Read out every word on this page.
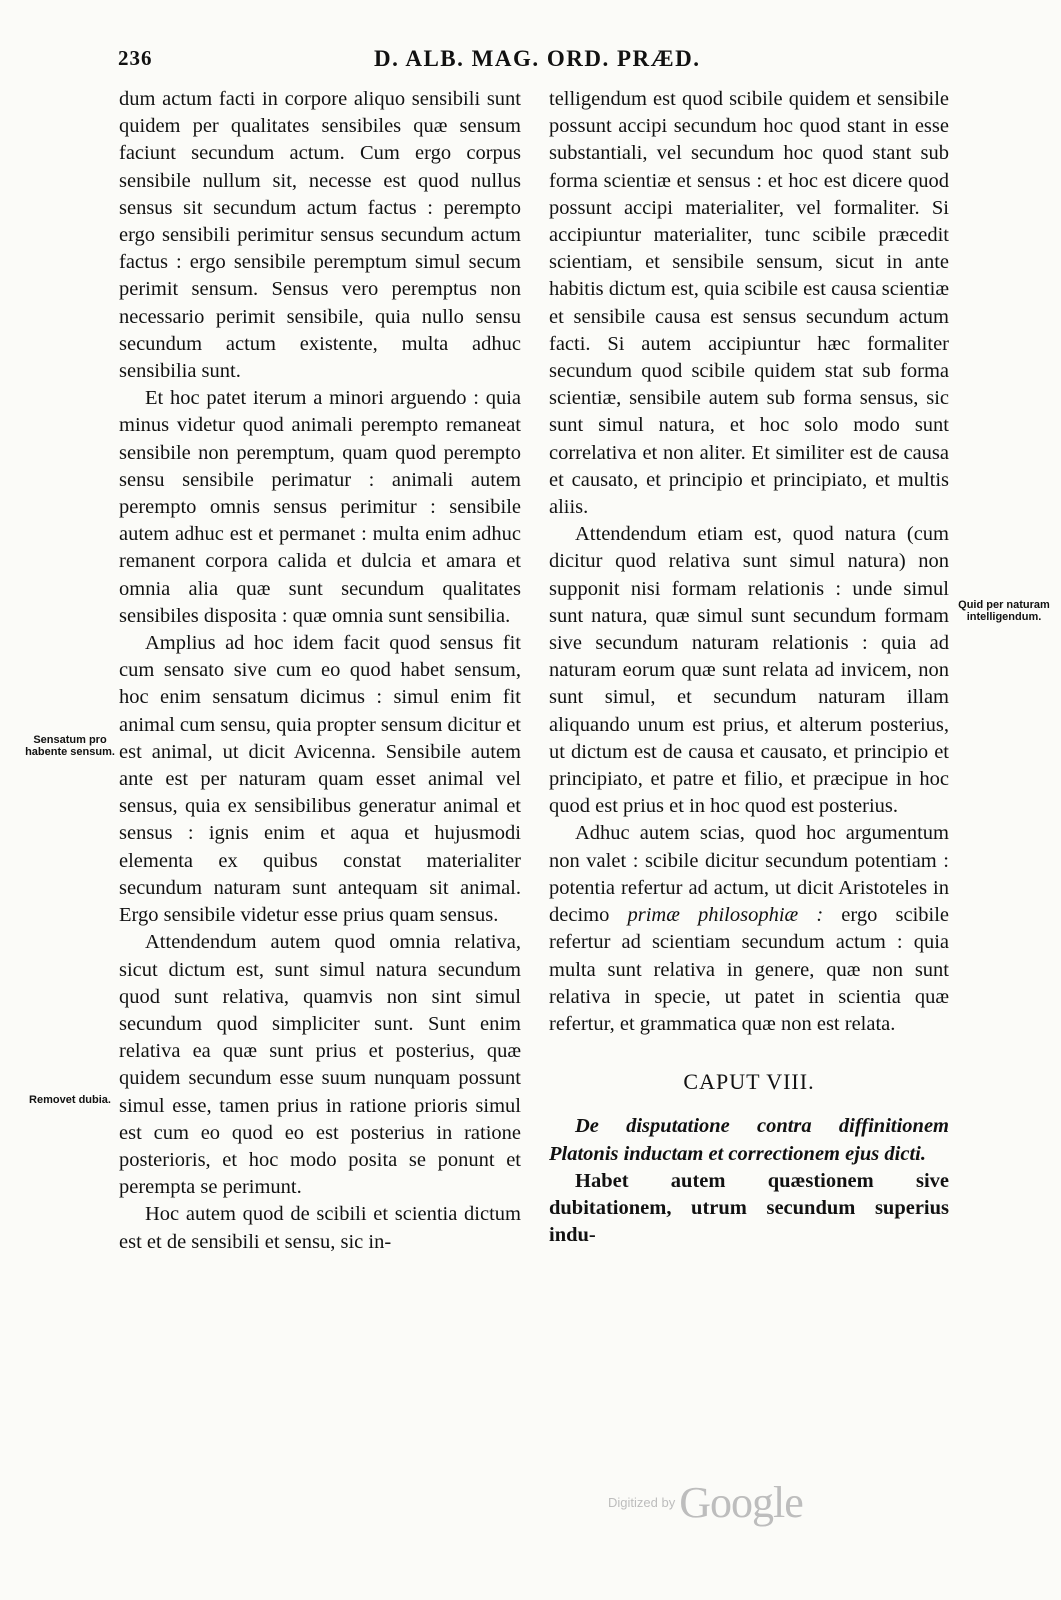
236	D. ALB. MAG. ORD. PRÆD.

dum actum facti in corpore aliquo sensibili sunt quidem per qualitates sensibiles quæ sensum faciunt secundum actum. Cum ergo corpus sensibile nullum sit, necesse est quod nullus sensus sit secundum actum factus : perempto ergo sensibili perimitur sensus secundum actum factus : ergo sensibile peremptum simul secum perimit sensum. Sensus vero peremptus non necessario perimit sensibile, quia nullo sensu secundum actum existente, multa adhuc sensibilia sunt.

Et hoc patet iterum a minori arguendo : quia minus videtur quod animali perempto remaneat sensibile non peremptum, quam quod perempto sensu sensibile perimatur : animali autem perempto omnis sensus perimitur : sensibile autem adhuc est et permanet : multa enim adhuc remanent corpora calida et dulcia et amara et omnia alia quæ sunt secundum qualitates sensibiles disposita : quæ omnia sunt sensibilia.

Amplius ad hoc idem facit quod sensus fit cum sensato sive cum eo quod habet sensum, hoc enim sensatum dicimus : simul enim fit animal cum sensu, quia propter sensum dicitur et est animal, ut dicit Avicenna. Sensibile autem ante est per naturam quam esset animal vel sensus, quia ex sensibilibus generatur animal et sensus : ignis enim et aqua et hujusmodi elementa ex quibus constat materialiter secundum naturam sunt antequam sit animal. Ergo sensibile videtur esse prius quam sensus.

Attendendum autem quod omnia relativa, sicut dictum est, sunt simul natura secundum quod sunt relativa, quamvis non sint simul secundum quod simpliciter sunt. Sunt enim relativa ea quæ sunt prius et posterius, quæ quidem secundum esse suum nunquam possunt simul esse, tamen prius in ratione prioris simul est cum eo quod eo est posterius in ratione posterioris, et hoc modo posita se ponunt et perempta se perimunt.

Hoc autem quod de scibili et scientia dictum est et de sensibili et sensu, sic in-

telligendum est quod scibile quidem et sensibile possunt accipi secundum hoc quod stant in esse substantiali, vel secundum hoc quod stant sub forma scientiæ et sensus : et hoc est dicere quod possunt accipi materialiter, vel formaliter. Si accipiuntur materialiter, tunc scibile præcedit scientiam, et sensibile sensum, sicut in ante habitis dictum est, quia scibile est causa scientiæ et sensibile causa est sensus secundum actum facti. Si autem accipiuntur hæc formaliter secundum quod scibile quidem stat sub forma scientiæ, sensibile autem sub forma sensus, sic sunt simul natura, et hoc solo modo sunt correlativa et non aliter. Et similiter est de causa et causato, et principio et principiato, et multis aliis.

Attendendum etiam est, quod natura (cum dicitur quod relativa sunt simul natura) non supponit nisi formam relationis : unde simul sunt natura, quæ simul sunt secundum formam sive secundum naturam relationis : quia ad naturam eorum quæ sunt relata ad invicem, non sunt simul, et secundum naturam illam aliquando unum est prius, et alterum posterius, ut dictum est de causa et causato, et principio et principiato, et patre et filio, et præcipue in hoc quod est prius et in hoc quod est posterius.

Adhuc autem scias, quod hoc argumentum non valet : scibile dicitur secundum potentiam : potentia refertur ad actum, ut dicit Aristoteles in decimo primæ philosophiæ : ergo scibile refertur ad scientiam secundum actum : quia multa sunt relativa in genere, quæ non sunt relativa in specie, ut patet in scientia quæ refertur, et grammatica quæ non est relata.

CAPUT VIII.

De disputatione contra diffinitionem Platonis inductam et correctionem ejus dicti.

Habet autem quæstionem sive dubitationem, utrum secundum superius indu-

Sensatum pro habente sensum.
Removet dubia.
Quid per naturam intelligendum.
Digitized by Google
